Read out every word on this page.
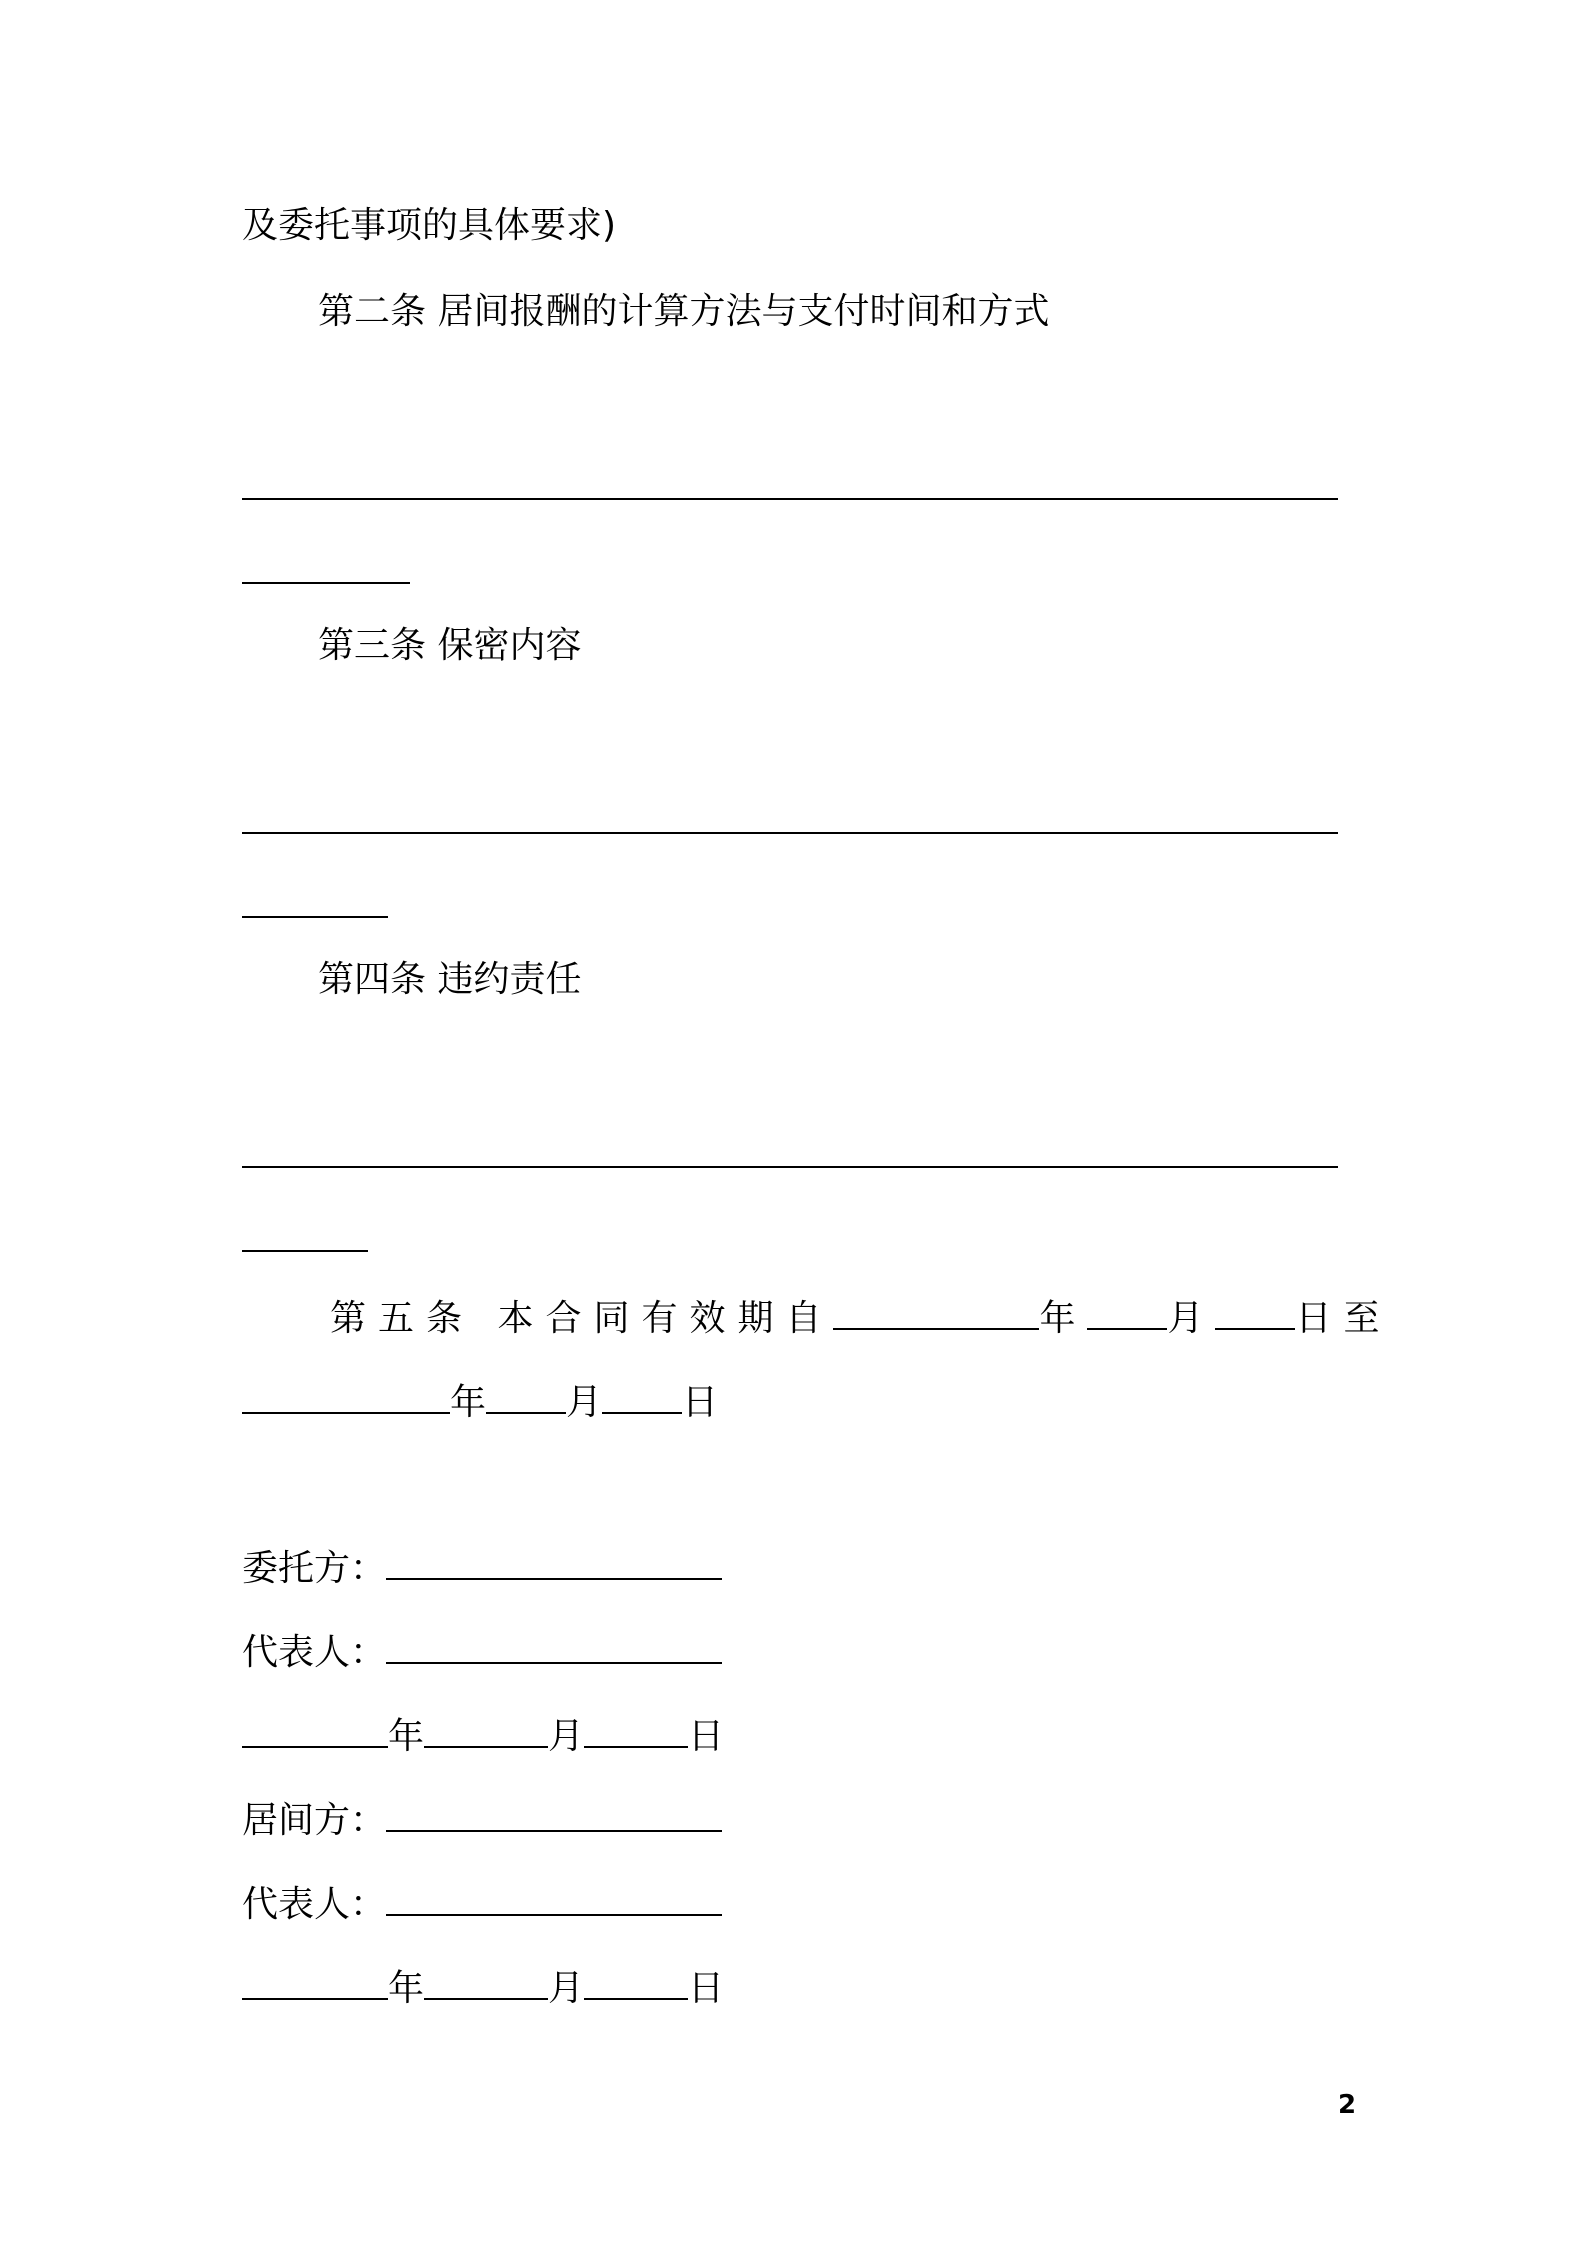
及委托事项的具体要求)
第二条 居间报酬的计算方法与支付时间和方式
第三条 保密内容
第四条 违约责任
第五条 本合同有效期自	年 月 日至
年 月 日
委托方：
代表人：
年	月	日
居间方：
代表人：
年	月	日
2
